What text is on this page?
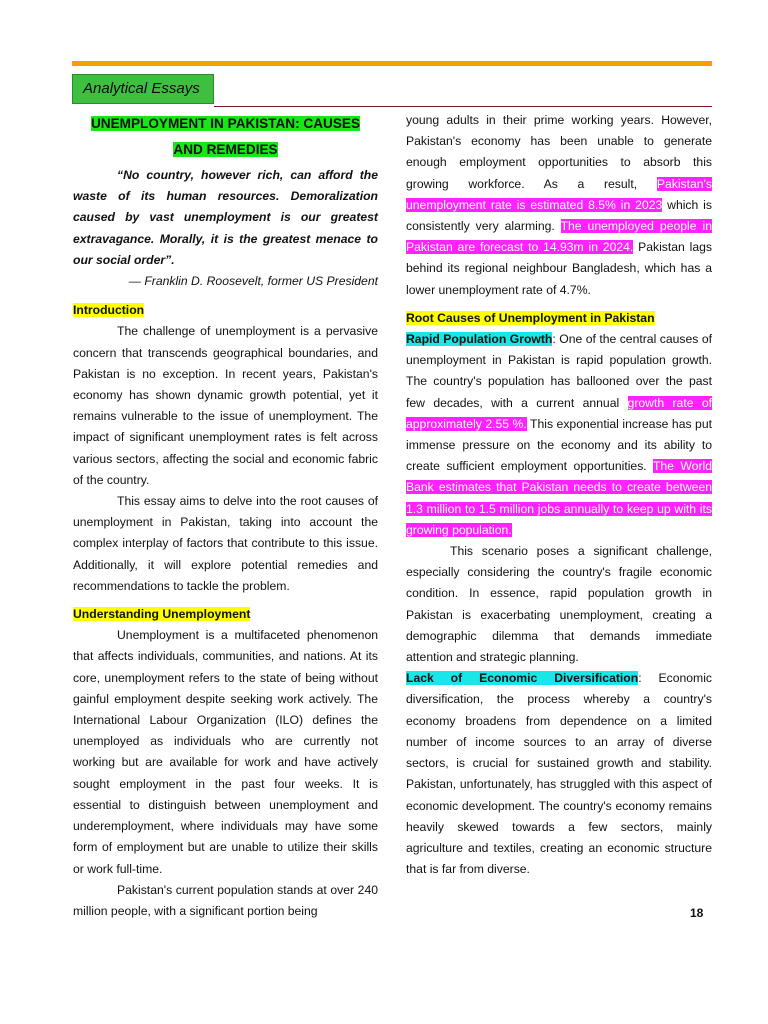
Analytical Essays
UNEMPLOYMENT IN PAKISTAN: CAUSES
AND REMEDIES

“No country, however rich, can afford the waste of its human resources. Demoralization caused by vast unemployment is our greatest extravagance. Morally, it is the greatest menace to our social order”.

— Franklin D. Roosevelt, former US President

Introduction

The challenge of unemployment is a pervasive concern that transcends geographical boundaries, and Pakistan is no exception. In recent years, Pakistan's economy has shown dynamic growth potential, yet it remains vulnerable to the issue of unemployment. The impact of significant unemployment rates is felt across various sectors, affecting the social and economic fabric of the country.

This essay aims to delve into the root causes of unemployment in Pakistan, taking into account the complex interplay of factors that contribute to this issue. Additionally, it will explore potential remedies and recommendations to tackle the problem.

Understanding Unemployment

Unemployment is a multifaceted phenomenon that affects individuals, communities, and nations. At its core, unemployment refers to the state of being without gainful employment despite seeking work actively. The International Labour Organization (ILO) defines the unemployed as individuals who are currently not working but are available for work and have actively sought employment in the past four weeks. It is essential to distinguish between unemployment and underemployment, where individuals may have some form of employment but are unable to utilize their skills or work full-time.

Pakistan's current population stands at over 240 million people, with a significant portion being

young adults in their prime working years. However, Pakistan's economy has been unable to generate enough employment opportunities to absorb this growing workforce. As a result, Pakistan's unemployment rate is estimated 8.5% in 2023 which is consistently very alarming. The unemployed people in Pakistan are forecast to 14.93m in 2024. Pakistan lags behind its regional neighbour Bangladesh, which has a lower unemployment rate of 4.7%.

Root Causes of Unemployment in Pakistan

Rapid Population Growth: One of the central causes of unemployment in Pakistan is rapid population growth. The country's population has ballooned over the past few decades, with a current annual growth rate of approximately 2.55 %. This exponential increase has put immense pressure on the economy and its ability to create sufficient employment opportunities. The World Bank estimates that Pakistan needs to create between 1.3 million to 1.5 million jobs annually to keep up with its growing population.

This scenario poses a significant challenge, especially considering the country's fragile economic condition. In essence, rapid population growth in Pakistan is exacerbating unemployment, creating a demographic dilemma that demands immediate attention and strategic planning.

Lack of Economic Diversification: Economic diversification, the process whereby a country's economy broadens from dependence on a limited number of income sources to an array of diverse sectors, is crucial for sustained growth and stability. Pakistan, unfortunately, has struggled with this aspect of economic development. The country's economy remains heavily skewed towards a few sectors, mainly agriculture and textiles, creating an economic structure that is far from diverse.

18
